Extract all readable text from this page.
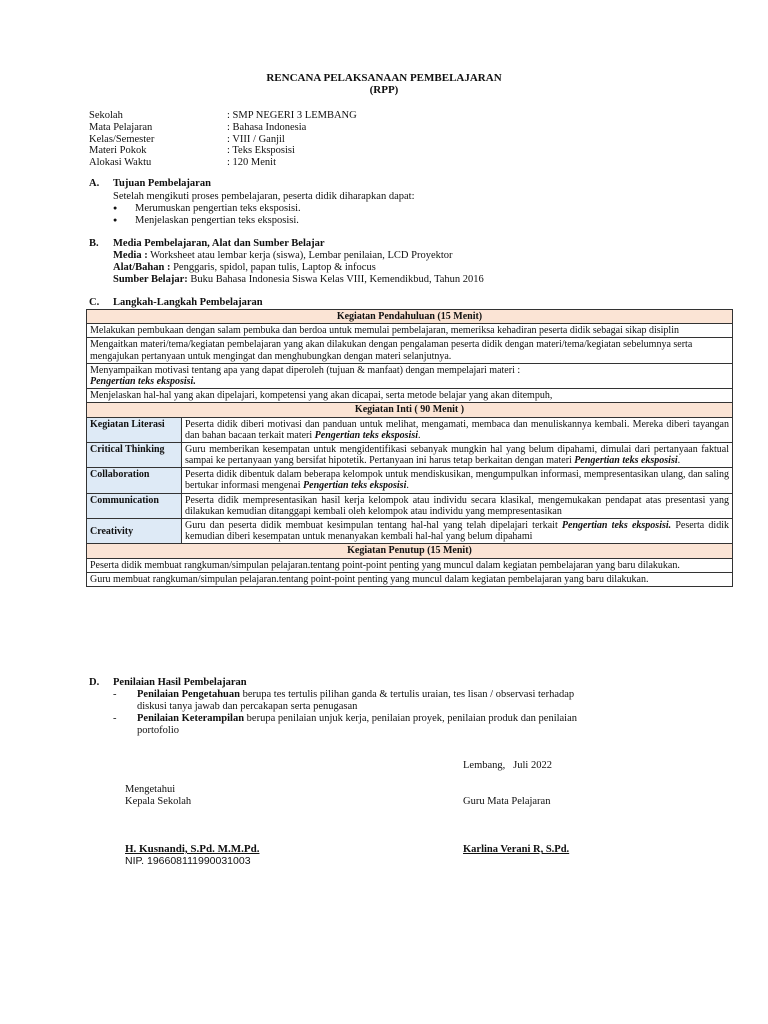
RENCANA PELAKSANAAN PEMBELAJARAN
(RPP)
Sekolah	: SMP NEGERI 3 LEMBANG
Mata Pelajaran	: Bahasa Indonesia
Kelas/Semester	: VIII / Ganjil
Materi Pokok	: Teks Eksposisi
Alokasi Waktu	: 120 Menit
A. Tujuan Pembelajaran
Setelah mengikuti proses pembelajaran, peserta didik diharapkan dapat:
● Merumuskan pengertian teks eksposisi.
● Menjelaskan pengertian teks eksposisi.
B. Media Pembelajaran, Alat dan Sumber Belajar
Media : Worksheet atau lembar kerja (siswa), Lembar penilaian, LCD Proyektor
Alat/Bahan : Penggaris, spidol, papan tulis, Laptop & infocus
Sumber Belajar: Buku Bahasa Indonesia Siswa Kelas VIII, Kemendikbud, Tahun 2016
C. Langkah-Langkah Pembelajaran
Kegiatan Pendahuluan (15 Menit)	
Melakukan pembukaan dengan salam pembuka dan berdoa untuk memulai pembelajaran, memeriksa kehadiran peserta didik sebagai sikap disiplin	
Mengaitkan materi/tema/kegiatan pembelajaran yang akan dilakukan dengan pengalaman peserta didik dengan materi/tema/kegiatan sebelumnya serta mengajukan pertanyaan untuk mengingat dan menghubungkan dengan materi selanjutnya.	
Menyampaikan motivasi tentang apa yang dapat diperoleh (tujuan & manfaat) dengan mempelajari materi :
Pengertian teks eksposisi.	
Menjelaskan hal-hal yang akan dipelajari, kompetensi yang akan dicapai, serta metode belajar yang akan ditempuh,	
Kegiatan Inti ( 90 Menit )	
Kegiatan Literasi	Peserta didik diberi motivasi dan panduan untuk melihat, mengamati, membaca dan menuliskannya kembali. Mereka diberi tayangan dan bahan bacaan terkait materi Pengertian teks eksposisi.
Critical Thinking	Guru memberikan kesempatan untuk mengidentifikasi sebanyak mungkin hal yang belum dipahami, dimulai dari pertanyaan faktual sampai ke pertanyaan yang bersifat hipotetik. Pertanyaan ini harus tetap berkaitan dengan materi Pengertian teks eksposisi.
Collaboration	Peserta didik dibentuk dalam beberapa kelompok untuk mendiskusikan, mengumpulkan informasi, mempresentasikan ulang, dan saling bertukar informasi mengenai Pengertian teks eksposisi.
Communication	Peserta didik mempresentasikan hasil kerja kelompok atau individu secara klasikal, mengemukakan pendapat atas presentasi yang dilakukan kemudian ditanggapi kembali oleh kelompok atau individu yang mempresentasikan
Creativity	Guru dan peserta didik membuat kesimpulan tentang hal-hal yang telah dipelajari terkait Pengertian teks eksposisi. Peserta didik kemudian diberi kesempatan untuk menanyakan kembali hal-hal yang belum dipahami
Kegiatan Penutup (15 Menit)	
Peserta didik membuat rangkuman/simpulan pelajaran.tentang point-point penting yang muncul dalam kegiatan pembelajaran yang baru dilakukan.	
Guru membuat rangkuman/simpulan pelajaran.tentang point-point penting yang muncul dalam kegiatan pembelajaran yang baru dilakukan.	
D. Penilaian Hasil Pembelajaran
- Penilaian Pengetahuan berupa tes tertulis pilihan ganda & tertulis uraian, tes lisan / observasi terhadap
diskusi tanya jawab dan percakapan serta penugasan
- Penilaian Keterampilan berupa penilaian unjuk kerja, penilaian proyek, penilaian produk dan penilaian
portofolio
Lembang,   Juli 2022
Mengetahui
Kepala Sekolah	Guru Mata Pelajaran
H. Kusnandi, S.Pd. M.M.Pd.
NIP. 196608111990031003
Karlina Verani R, S.Pd.
